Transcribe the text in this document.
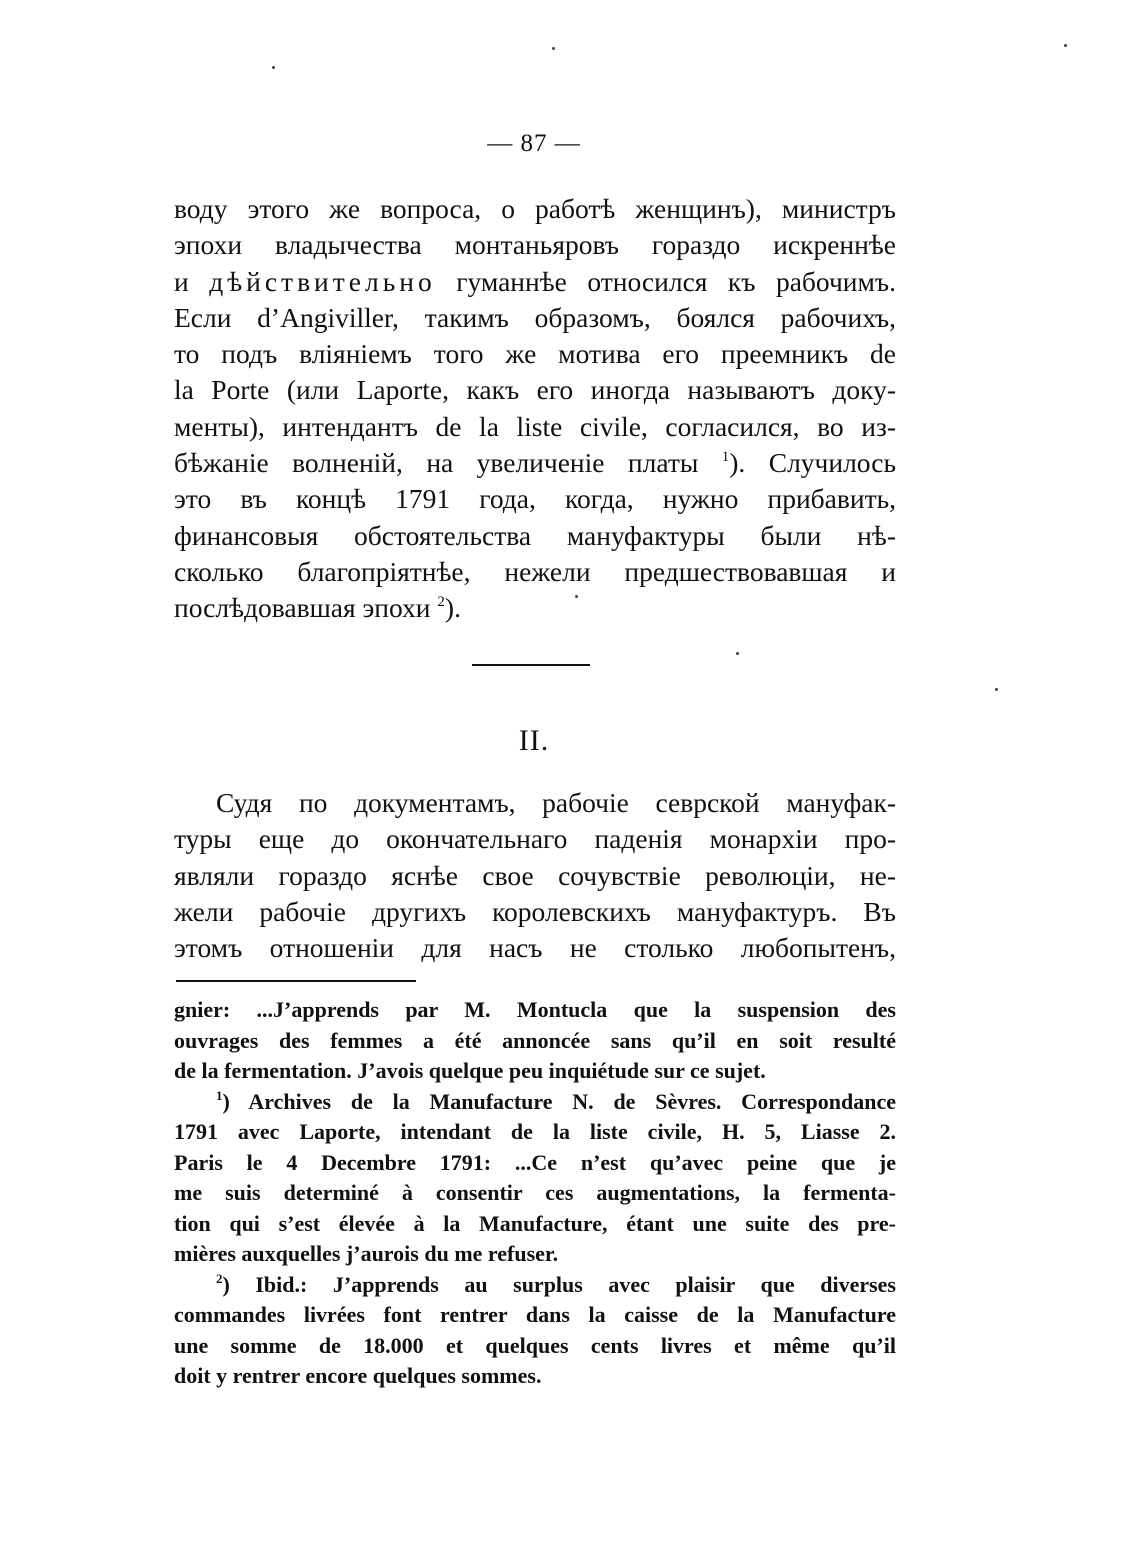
— 87 —
воду этого же вопроса, о работѣ женщинъ), министръ
эпохи владычества монтаньяровъ гораздо искреннѣе
и дѣйствительно гуманнѣе относился къ рабочимъ.
Если d’Angiviller, такимъ образомъ, боялся рабочихъ,
то подъ вліяніемъ того же мотива его преемникъ de
la Porte (или Laporte, какъ его иногда называютъ доку-
менты), интендантъ de la liste civile, согласился, во из-
бѣжаніе волненій, на увеличеніе платы $^1$). Случилось
это въ концѣ 1791 года, когда, нужно прибавить,
финансовыя обстоятельства мануфактуры были нѣ-
сколько благопріятнѣе, нежели предшествовавшая и
послѣдовавшая эпохи $^2$).
II.
Судя по документамъ, рабочіе севрской мануфак-
туры еще до окончательнаго паденія монархіи про-
являли гораздо яснѣе свое сочувствіе революціи, не-
жели рабочіе другихъ королевскихъ мануфактуръ. Въ
этомъ отношеніи для насъ не столько любопытенъ,
gnier: ...J’apprends par M. Montucla que la suspension des
ouvrages des femmes a été annoncée sans qu’il en soit resulté
de la fermentation. J’avois quelque peu inquiétude sur ce sujet.
$^1$) Archives de la Manufacture N. de Sèvres. Correspondance
1791 avec Laporte, intendant de la liste civile, H. 5, Liasse 2.
Paris le 4 Decembre 1791: ...Ce n’est qu’avec peine que je
me suis determiné à consentir ces augmentations, la fermenta-
tion qui s’est élevée à la Manufacture, étant une suite des pre-
mières auxquelles j’aurois du me refuser.
$^2$) Ibid.: J’apprends au surplus avec plaisir que diverses
commandes livrées font rentrer dans la caisse de la Manufacture
une somme de 18.000 et quelques cents livres et même qu’il
doit y rentrer encore quelques sommes.
